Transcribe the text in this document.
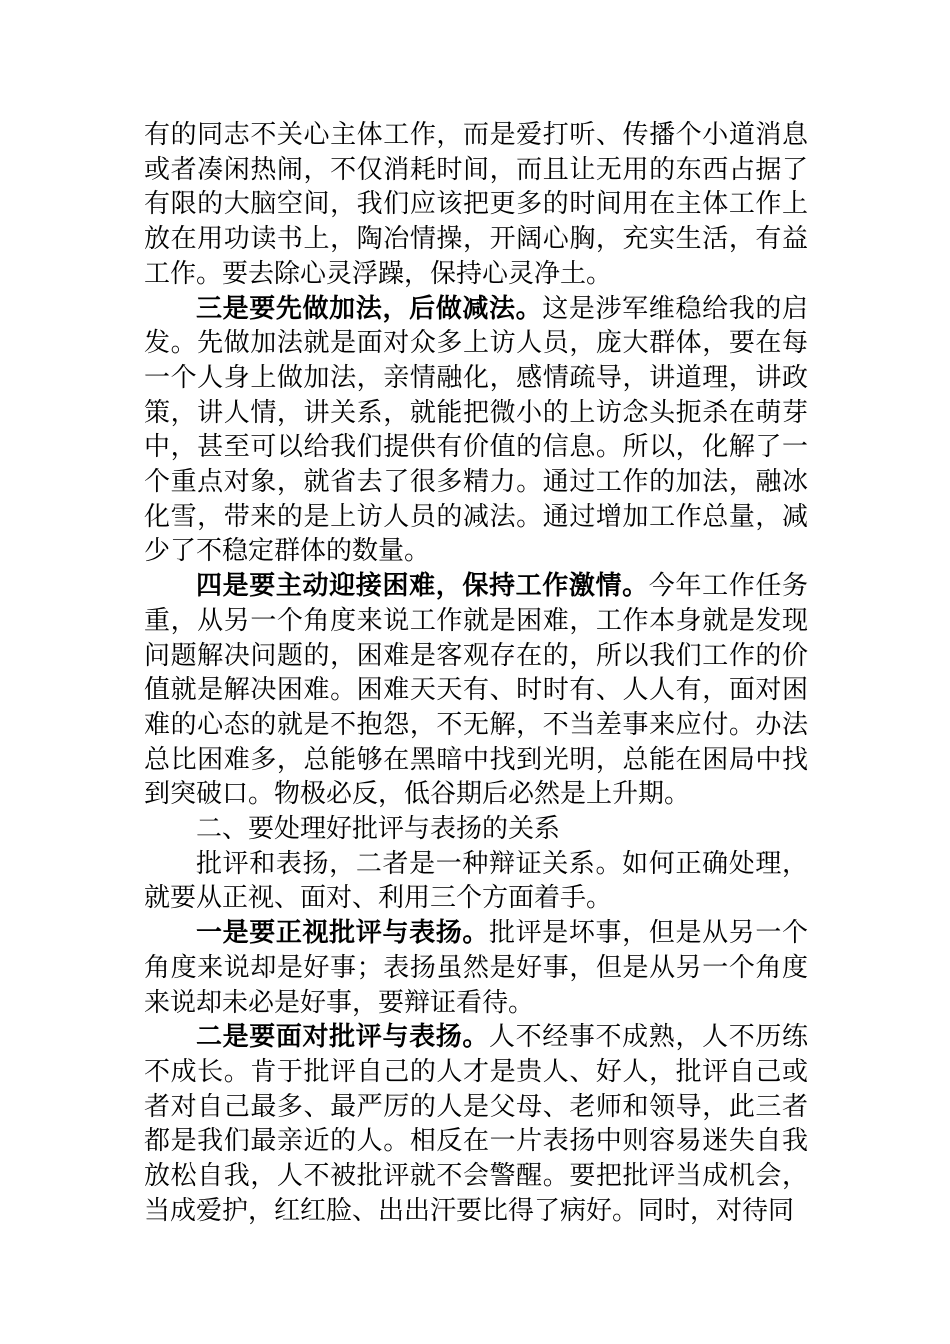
有的同志不关心主体工作，而是爱打听、传播个小道消息或者凑闲热闹，不仅消耗时间，而且让无用的东西占据了有限的大脑空间，我们应该把更多的时间用在主体工作上放在用功读书上，陶冶情操，开阔心胸，充实生活，有益工作。要去除心灵浮躁，保持心灵净土。

三是要先做加法，后做减法。这是涉军维稳给我的启发。先做加法就是面对众多上访人员，庞大群体，要在每一个人身上做加法，亲情融化，感情疏导，讲道理，讲政策，讲人情，讲关系，就能把微小的上访念头扼杀在萌芽中，甚至可以给我们提供有价值的信息。所以，化解了一个重点对象，就省去了很多精力。通过工作的加法，融冰化雪，带来的是上访人员的减法。通过增加工作总量，减少了不稳定群体的数量。

四是要主动迎接困难，保持工作激情。今年工作任务重，从另一个角度来说工作就是困难，工作本身就是发现问题解决问题的，困难是客观存在的，所以我们工作的价值就是解决困难。困难天天有、时时有、人人有，面对困难的心态的就是不抱怨，不无解，不当差事来应付。办法总比困难多，总能够在黑暗中找到光明，总能在困局中找到突破口。物极必反，低谷期后必然是上升期。

二、要处理好批评与表扬的关系

批评和表扬，二者是一种辩证关系。如何正确处理，就要从正视、面对、利用三个方面着手。

一是要正视批评与表扬。批评是坏事，但是从另一个角度来说却是好事；表扬虽然是好事，但是从另一个角度来说却未必是好事，要辩证看待。

二是要面对批评与表扬。人不经事不成熟，人不历练不成长。肯于批评自己的人才是贵人、好人，批评自己或者对自己最多、最严厉的人是父母、老师和领导，此三者都是我们最亲近的人。相反在一片表扬中则容易迷失自我放松自我，人不被批评就不会警醒。要把批评当成机会，当成爱护，红红脸、出出汗要比得了病好。同时，对待同
